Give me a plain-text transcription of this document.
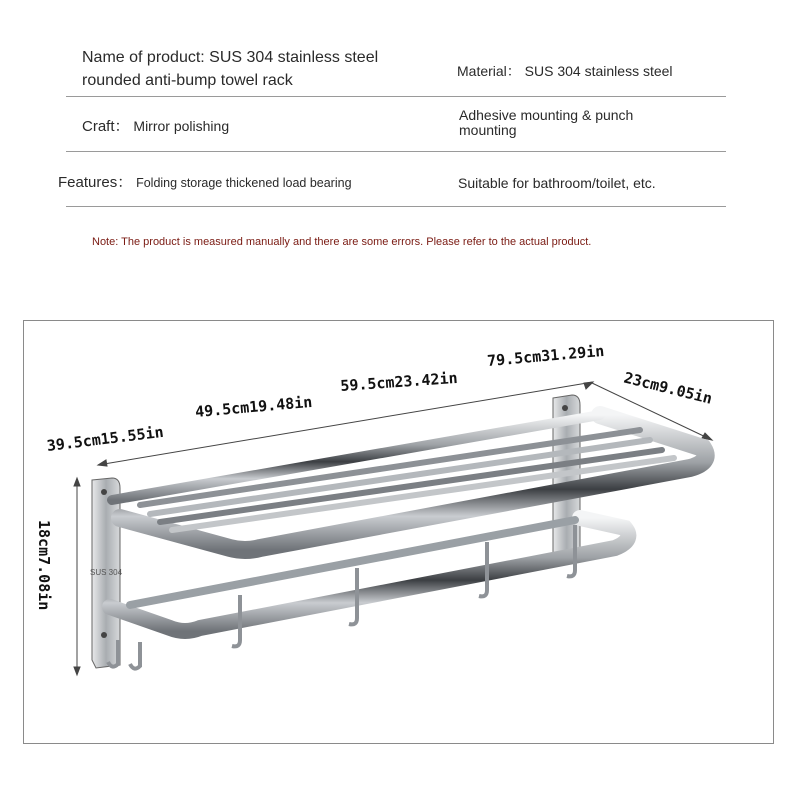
Name of product: SUS 304 stainless steel
rounded anti-bump towel rack
Material： SUS 304 stainless steel
Craft： Mirror polishing
Adhesive mounting & punch
mounting
Features： Folding storage thickened load bearing	Suitable for bathroom/toilet, etc.
Note: The product is measured manually and there are some errors. Please refer to the actual product.
SUS 304
39.5cm15.55in
49.5cm19.48in
59.5cm23.42in
79.5cm31.29in
23cm9.05in
18cm7.08in
